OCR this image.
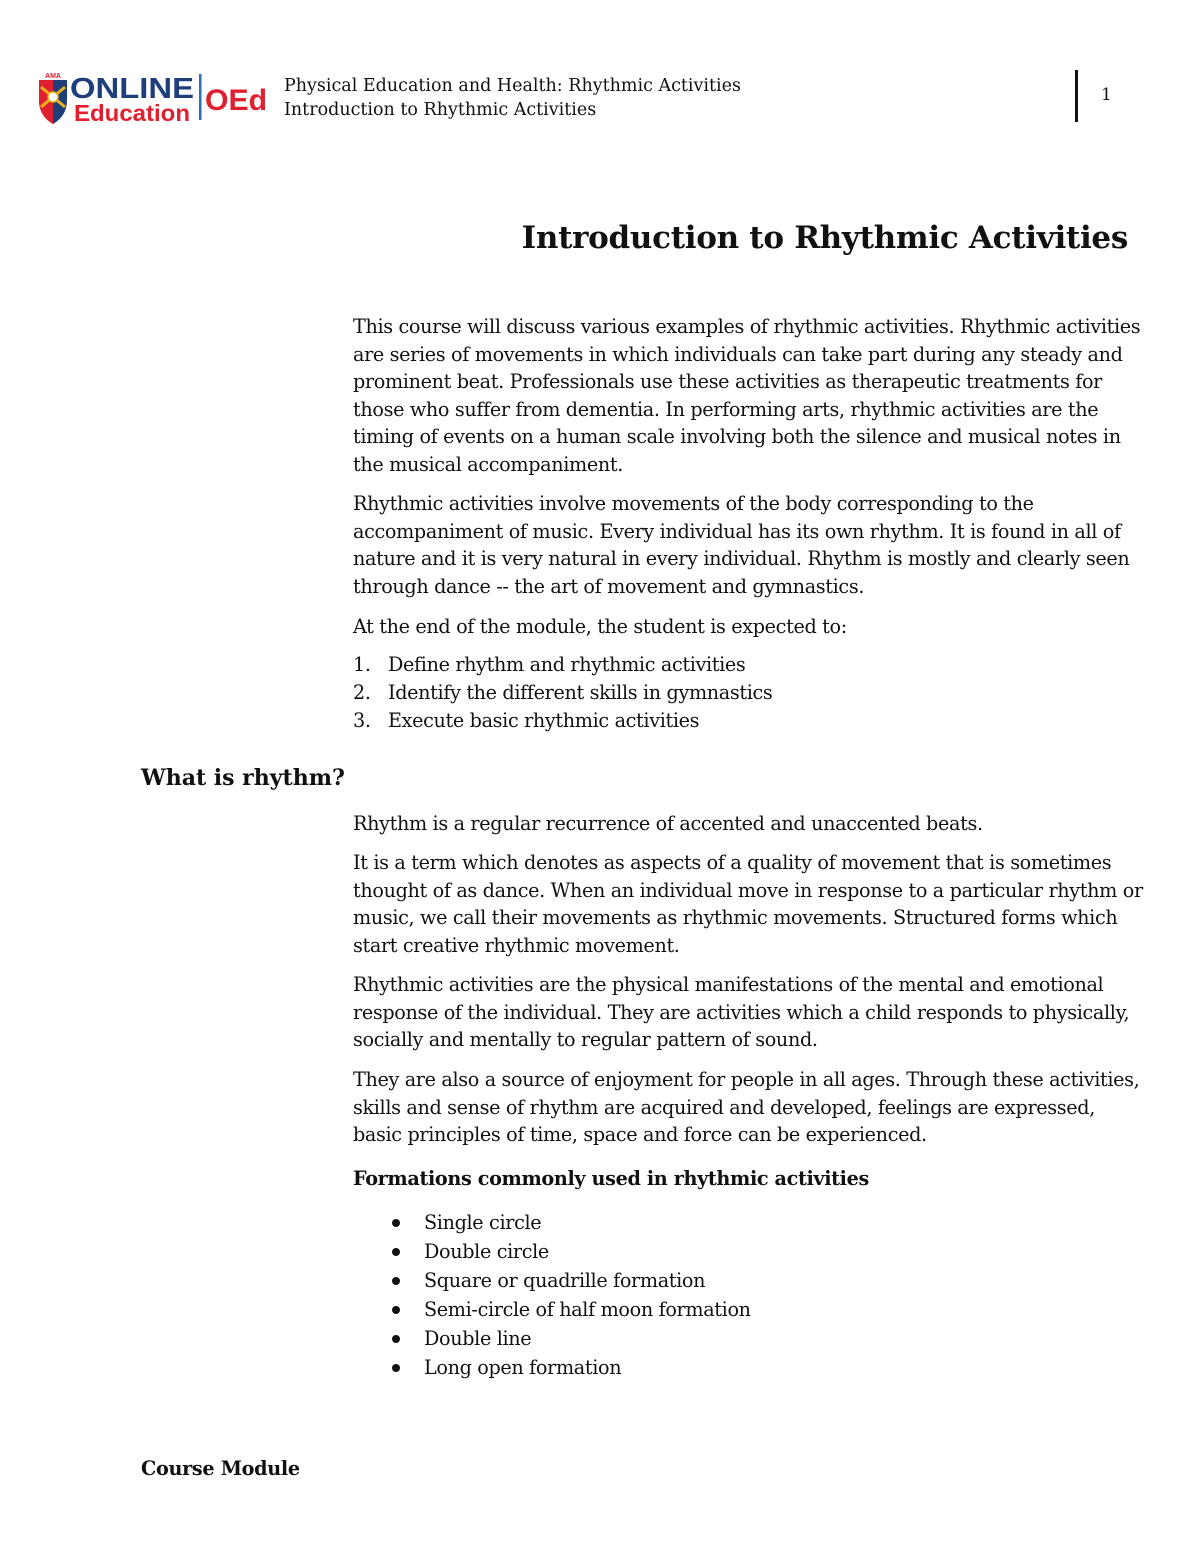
AMA ONLINE
Education OEd Physical Education and Health: Rhythmic Activities
Introduction to Rhythmic Activities
1
Introduction to Rhythmic Activities

This course will discuss various examples of rhythmic activities. Rhythmic activities are series of movements in which individuals can take part during any steady and prominent beat. Professionals use these activities as therapeutic treatments for those who suffer from dementia. In performing arts, rhythmic activities are the timing of events on a human scale involving both the silence and musical notes in the musical accompaniment.

Rhythmic activities involve movements of the body corresponding to the accompaniment of music. Every individual has its own rhythm. It is found in all of nature and it is very natural in every individual. Rhythm is mostly and clearly seen through dance -- the art of movement and gymnastics.

At the end of the module, the student is expected to:

1. Define rhythm and rhythmic activities
2. Identify the different skills in gymnastics
3. Execute basic rhythmic activities
What is rhythm?

Rhythm is a regular recurrence of accented and unaccented beats.

It is a term which denotes as aspects of a quality of movement that is sometimes thought of as dance. When an individual move in response to a particular rhythm or music, we call their movements as rhythmic movements. Structured forms which start creative rhythmic movement.

Rhythmic activities are the physical manifestations of the mental and emotional response of the individual. They are activities which a child responds to physically, socially and mentally to regular pattern of sound.

They are also a source of enjoyment for people in all ages. Through these activities, skills and sense of rhythm are acquired and developed, feelings are expressed, basic principles of time, space and force can be experienced.

Formations commonly used in rhythmic activities
Single circle
Double circle
Square or quadrille formation
Semi-circle of half moon formation
Double line
Long open formation
Course Module
